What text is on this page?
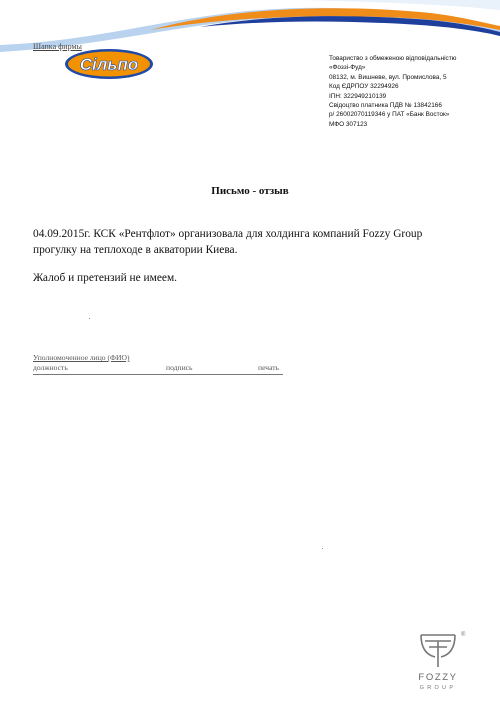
Шапка фирмы
Сільпо	Товариство з обмеженою відповідальністю
«Фоззі-Фуд»
08132, м. Вишневе, вул. Промислова, 5
Код ЄДРПОУ 32294926
ІПН: 322949210139
Свідоцтво платника ПДВ № 13842166
р/ 26002070119346 у ПАТ «Банк Восток»
МФО 307123
Письмо - отзыв

04.09.2015г. КСК «Рентфлот» организовала для холдинга компаний Fozzy Group

прогулку на теплоходе в акватории Киева.

Жалоб и претензий не имеем.

Уполномоченное лицо (ФИО)
должность	подпись	печать
®
FOZZY
GROUP
